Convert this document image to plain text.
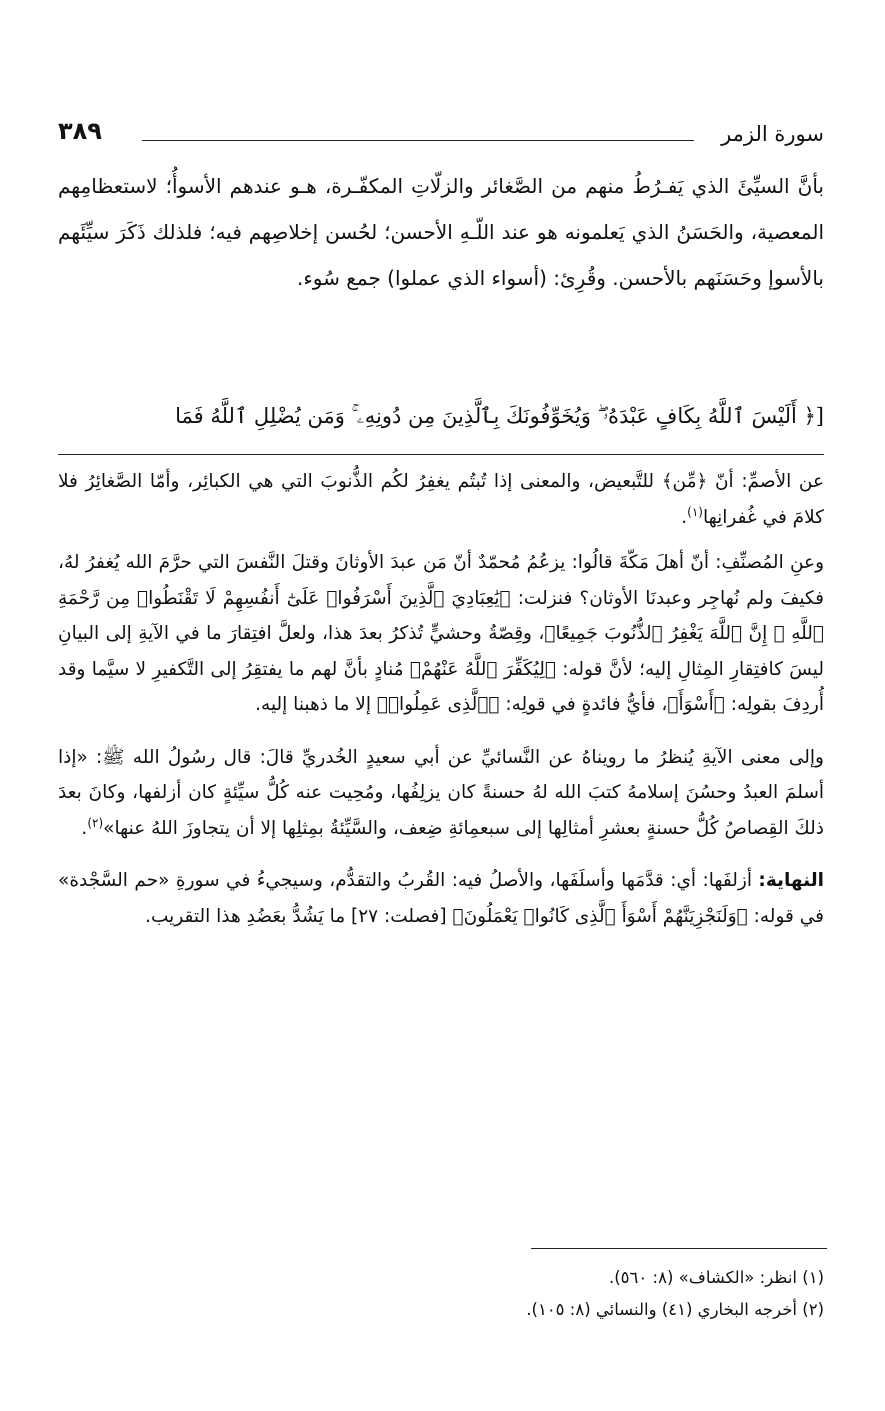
سورة الزمر
٣٨٩
بأنَّ السيِّئَ الذي يَفـرُطُ منهم من الصَّغائر والزلّاتِ المكفّـرة، هـو عندهم الأسوأُ؛ لاستعظامِهم المعصية، والحَسَنُ الذي يَعلمونه هو عند اللّـهِ الأحسن؛ لحُسن إخلاصِهم فيه؛ فلذلك ذَكَرَ سيِّئَهم بالأسوإ وحَسَنَهم بالأحسن. وقُرِئ: (أسواء الذي عملوا) جمع سُوء.
[﴿ أَلَيْسَ ٱللَّهُ بِكَافٍ عَبْدَهُۥ ۖ وَيُخَوِّفُونَكَ بِٱلَّذِينَ مِن دُونِهِۦ ۚ وَمَن يُضْلِلِ ٱللَّهُ فَمَا

عن الأصمِّ: أنّ ﴿مِّن﴾ للتَّبعيض، والمعنى إذا تُبتُم يغفِرُ لكُم الذُّنوبَ التي هي الكبائِر، وأمّا الصَّغائِرُ فلا كلامَ في غُفرانِها$^{(١)}$.

وعنِ المُصنِّفِ: أنّ أهلَ مَكّةَ قالُوا: يزعُمُ مُحمّدٌ أنّ مَن عبدَ الأوثانَ وقتلَ النَّفسَ التي حرَّمَ الله يُغفرُ لهُ، فكيفَ ولم نُهاجِر وعبدنَا الأوثان؟ فنزلت: ﴿يَٰعِبَادِيَ ٱلَّذِينَ أَسْرَفُوا۟ عَلَىٰٓ أَنفُسِهِمْ لَا تَقْنَطُوا۟ مِن رَّحْمَةِ ٱللَّهِ ۚ إِنَّ ٱللَّهَ يَغْفِرُ ٱلذُّنُوبَ جَمِيعًا﴾، وقِصّةُ وحشيٍّ تُذكرُ بعدَ هذا، ولعلَّ افتِقارَ ما في الآيةِ إلى البيانِ ليسَ كافتِقارِ المِثالِ إليه؛ لأنَّ قوله: ﴿لِيُكَفِّرَ ٱللَّهُ عَنْهُمْ﴾ مُنادٍ بأنَّ لهم ما يفتقِرُ إلى التَّكفيرِ لا سيَّما وقد أُردِفَ بقولِه: ﴿أَسْوَأَ﴾، فأيُّ فائدةٍ في قولِه: ﴿ٱلَّذِى عَمِلُوا۟﴾ إلا ما ذهبنا إليه.

وإلى معنى الآيةِ يُنظرُ ما رويناهُ عن النَّسائيِّ عن أبي سعيدٍ الخُدريِّ قالَ: قال رسُولُ الله ﷺ: «إذا أسلمَ العبدُ وحسُنَ إسلامهُ كتبَ الله لهُ حسنةً كان يزلِفُها، ومُحِيت عنه كُلُّ سيِّئةٍ كان أزلفها، وكانَ بعدَ ذلكَ القِصاصُ كُلُّ حسنةٍ بعشرِ أمثالِها إلى سبعمِائةِ ضِعف، والسَّيِّئةُ بمِثلِها إلا أن يتجاوزَ اللهُ عنها»$^{(٢)}$.

النهاية: أزلفَها: أي: قدَّمَها وأسلَفَها، والأصلُ فيه: القُربُ والتقدُّم، وسيجيءُ في سورةِ «حم السَّجْدة» في قوله: ﴿وَلَنَجْزِيَنَّهُمْ أَسْوَأَ ٱلَّذِى كَانُوا۟ يَعْمَلُونَ﴾ [فصلت: ٢٧] ما يَشُدُّ بعَضُدِ هذا التقريب.

(١) انظر: «الكشاف» (٨: ٥٦٠).
(٢) أخرجه البخاري (٤١) والنسائي (٨: ١٠٥).
